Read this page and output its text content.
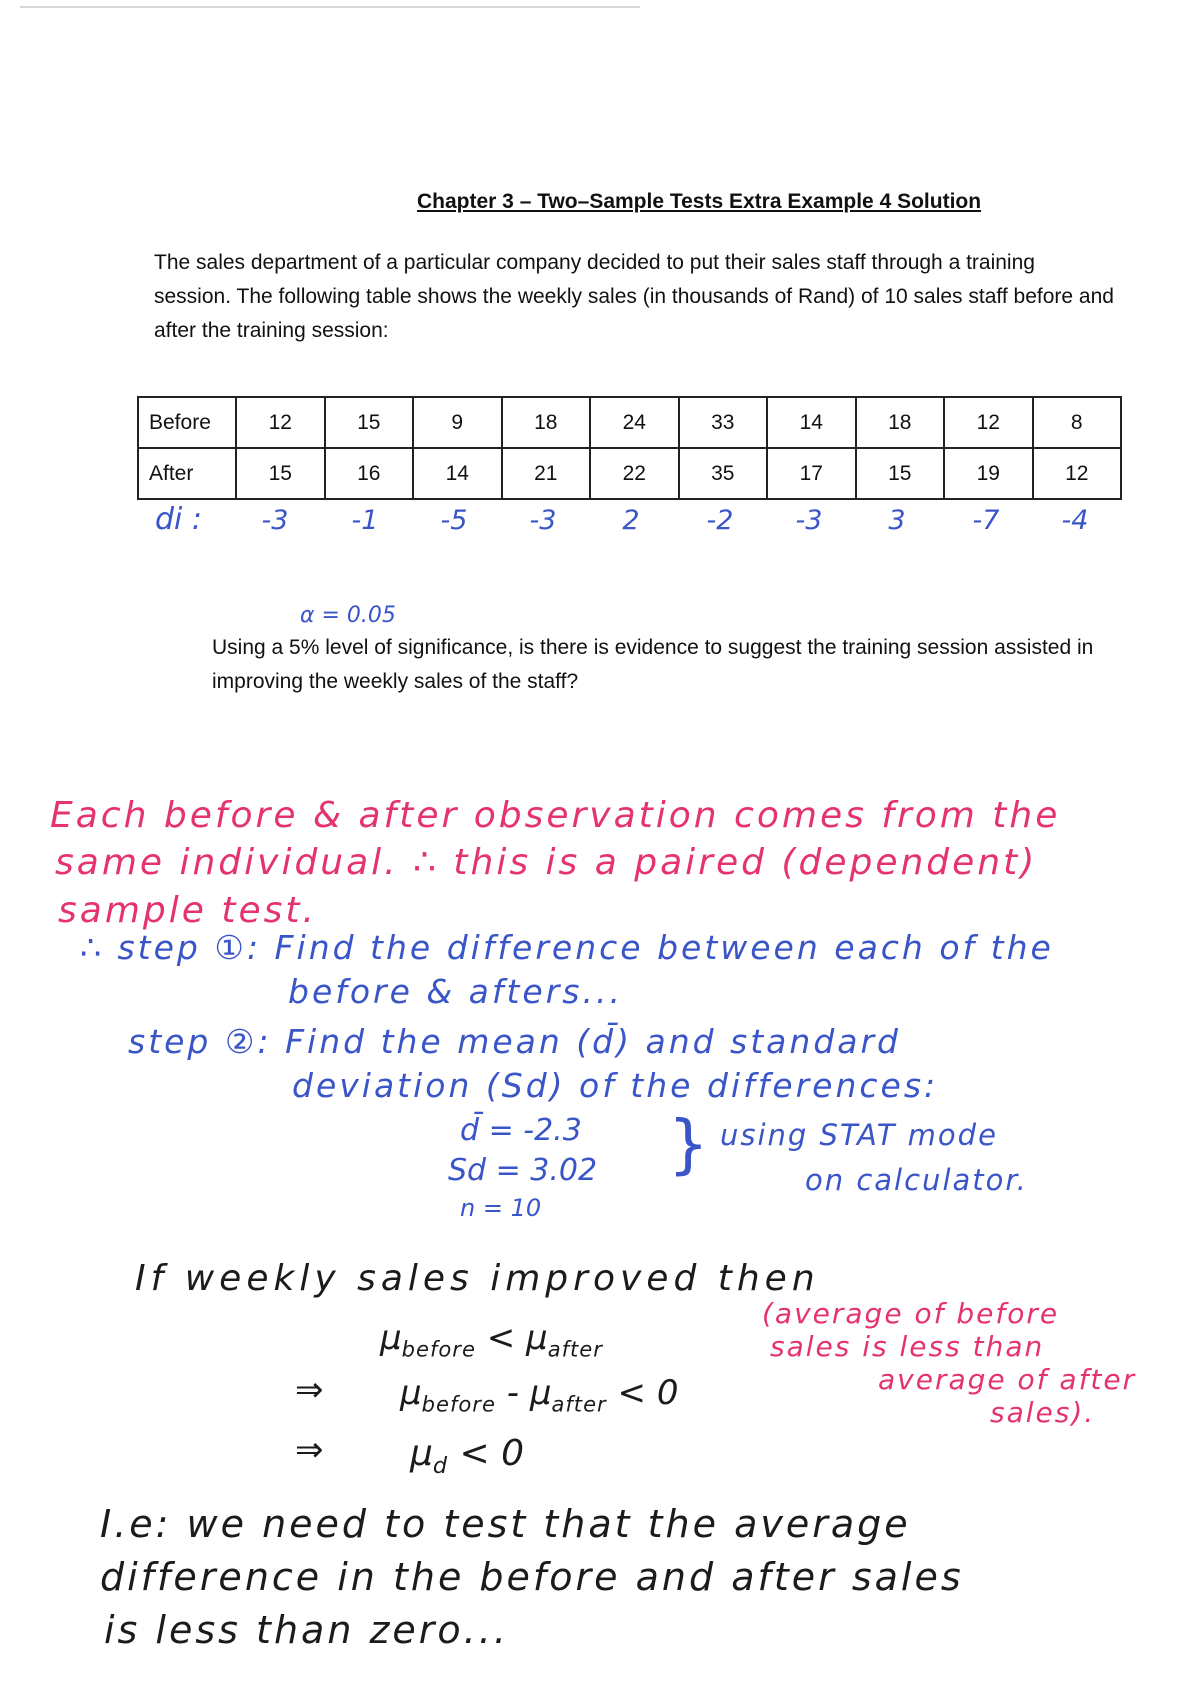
Chapter 3 – Two–Sample Tests Extra Example 4 Solution
The sales department of a particular company decided to put their sales staff through a training session. The following table shows the weekly sales (in thousands of Rand) of 10 sales staff before and after the training session:
Before	12	15	9	18	24	33	14	18	12	8
After	15	16	14	21	22	35	17	15	19	12
di :	-3	-1	-5	-3	2	-2	-3	3	-7	-4
α = 0.05
Using a 5% level of significance, is there is evidence to suggest the training session assisted in improving the weekly sales of the staff?
Each before & after observation comes from the
same individual. ∴ this is a paired (dependent)
sample test.
∴ step ①: Find the difference between each of the
before & afters...
step ②: Find the mean (d̄) and standard
deviation (Sd) of the differences:
d̄ = -2.3
Sd = 3.02
n = 10
} using STAT mode
on calculator.
If weekly sales improved then
$\mu_{before} < \mu_{after}$
(average of before
sales is less than
average of after
sales).
⇒ $\mu_{before} - \mu_{after} < 0$
⇒ $\mu_d < 0$
I.e: we need to test that the average
difference in the before and after sales
is less than zero...
